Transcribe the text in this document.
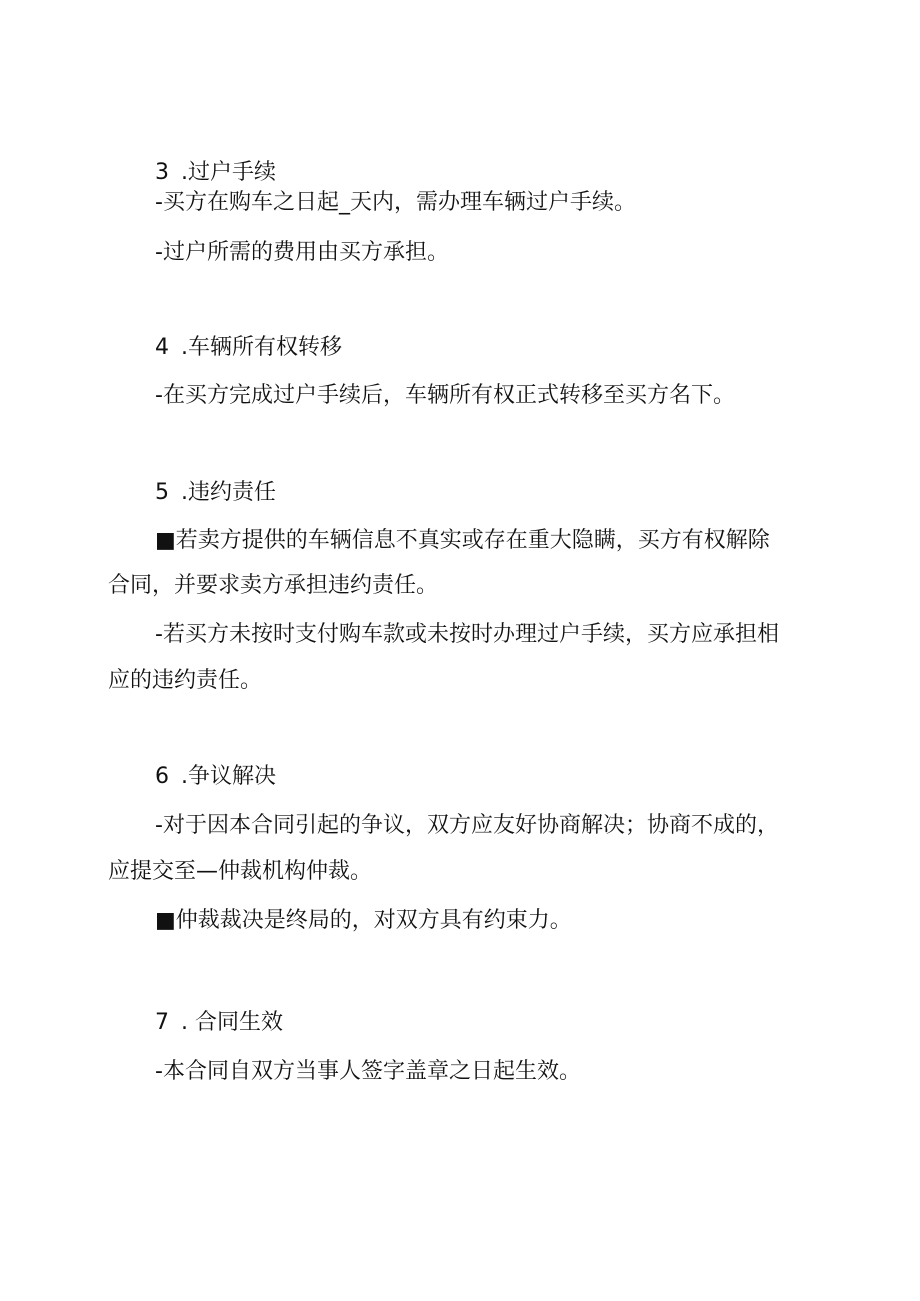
3 .过户手续
-买方在购车之日起_天内，需办理车辆过户手续。
-过户所需的费用由买方承担。
4 .车辆所有权转移
-在买方完成过户手续后，车辆所有权正式转移至买方名下。
5 .违约责任
■若卖方提供的车辆信息不真实或存在重大隐瞒，买方有权解除
合同，并要求卖方承担违约责任。
-若买方未按时支付购车款或未按时办理过户手续，买方应承担相
应的违约责任。
6 .争议解决
-对于因本合同引起的争议，双方应友好协商解决；协商不成的，
应提交至—仲裁机构仲裁。
■仲裁裁决是终局的，对双方具有约束力。
7 . 合同生效
-本合同自双方当事人签字盖章之日起生效。
